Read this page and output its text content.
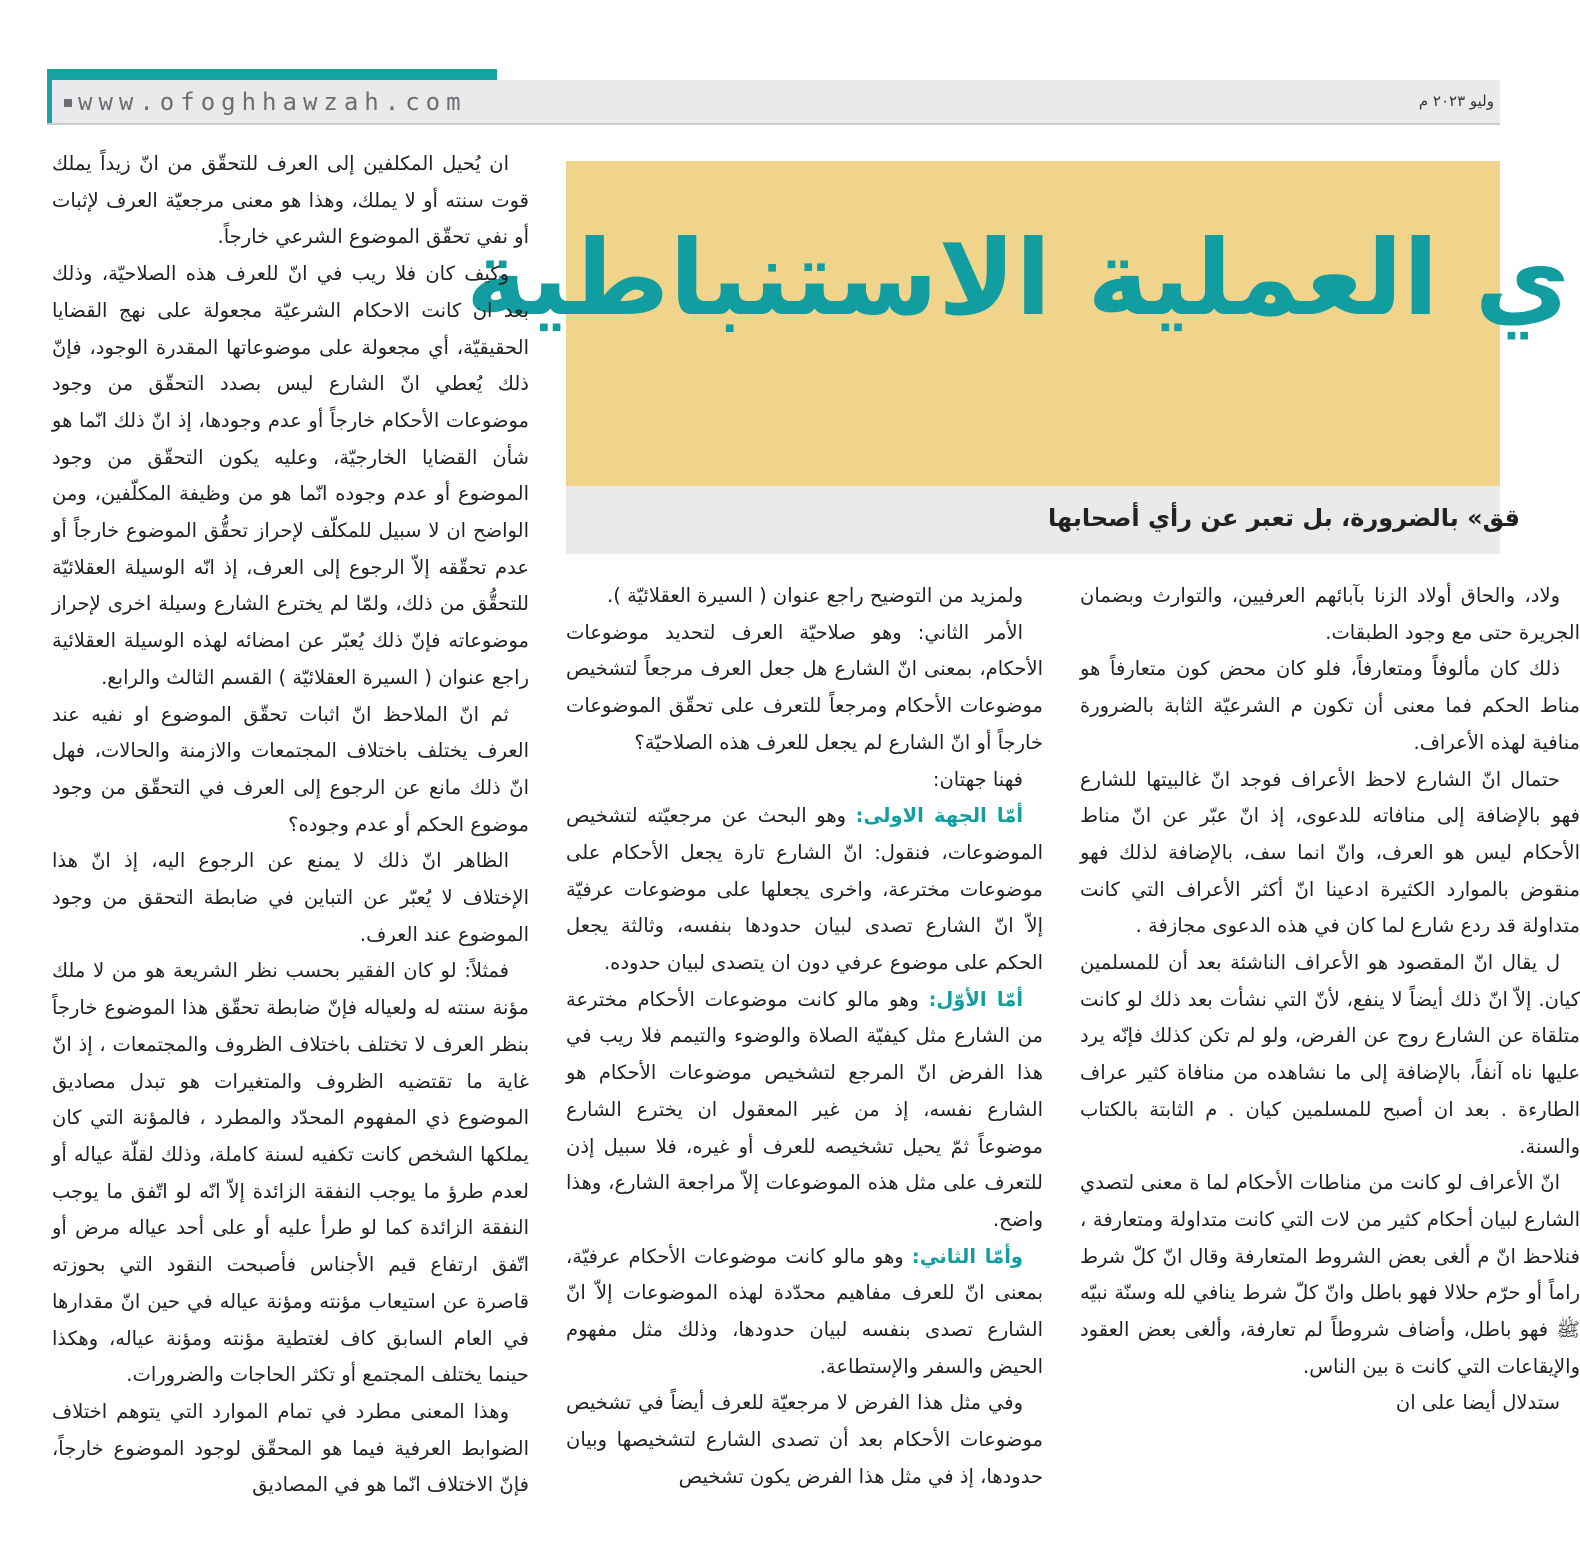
www.ofoghhawzah.com	وليو ٢٠٢٣ م
ي العملية الاستنباطية
قق» بالضرورة، بل تعبر عن رأي أصحابها

ان يُحيل المكلفين إلى العرف للتحقّق من انّ زيداً يملك قوت سنته أو لا يملك، وهذا هو معنى مرجعيّة العرف لإثبات أو نفي تحقّق الموضوع الشرعي خارجاً.

وكيف كان فلا ريب في انّ للعرف هذه الصلاحيّة، وذلك بعد ان كانت الاحكام الشرعيّة مجعولة على نهج القضايا الحقيقيّة، أي مجعولة على موضوعاتها المقدرة الوجود، فإنّ ذلك يُعطي انّ الشارع ليس بصدد التحقّق من وجود موضوعات الأحكام خارجاً أو عدم وجودها، إذ انّ ذلك انّما هو شأن القضايا الخارجيّة، وعليه يكون التحقّق من وجود الموضوع أو عدم وجوده انّما هو من وظيفة المكلّفين، ومن الواضح ان لا سبيل للمكلّف لإحراز تحقُّق الموضوع خارجاً أو عدم تحقّقه إلاّ الرجوع إلى العرف، إذ انّه الوسيلة العقلائيّة للتحقُّق من ذلك، ولمّا لم يخترع الشارع وسيلة اخرى لإحراز موضوعاته فإنّ ذلك يُعبّر عن امضائه لهذه الوسيلة العقلائية راجع عنوان ( السيرة العقلائيّة ) القسم الثالث والرابع.

ثم انّ الملاحظ انّ اثبات تحقّق الموضوع او نفيه عند العرف يختلف باختلاف المجتمعات والازمنة والحالات، فهل انّ ذلك مانع عن الرجوع إلى العرف في التحقّق من وجود موضوع الحكم أو عدم وجوده؟

الظاهر انّ ذلك لا يمنع عن الرجوع اليه، إذ انّ هذا الإختلاف لا يُعبّر عن التباين في ضابطة التحقق من وجود الموضوع عند العرف.

فمثلاً: لو كان الفقير بحسب نظر الشريعة هو من لا ملك مؤنة سنته له ولعياله فإنّ ضابطة تحقّق هذا الموضوع خارجاً بنظر العرف لا تختلف باختلاف الظروف والمجتمعات ، إذ انّ غاية ما تقتضيه الظروف والمتغيرات هو تبدل مصاديق الموضوع ذي المفهوم المحدّد والمطرد ، فالمؤنة التي كان يملكها الشخص كانت تكفيه لسنة كاملة، وذلك لقلّة عياله أو لعدم طرؤ ما يوجب النفقة الزائدة إلاّ انّه لو اتّفق ما يوجب النفقة الزائدة كما لو طرأ عليه أو على أحد عياله مرض أو اتّفق ارتفاع قيم الأجناس فأصبحت النقود التي بحوزته قاصرة عن استيعاب مؤنته ومؤنة عياله في حين انّ مقدارها في العام السابق كاف لغتطية مؤنته ومؤنة عياله، وهكذا حينما يختلف المجتمع أو تكثر الحاجات والضرورات.

وهذا المعنى مطرد في تمام الموارد التي يتوهم اختلاف الضوابط العرفية فيما هو المحقّق لوجود الموضوع خارجاً، فإنّ الاختلاف انّما هو في المصاديق

ولمزيد من التوضيح راجع عنوان ( السيرة العقلائيّة ).

الأمر الثاني: وهو صلاحيّة العرف لتحديد موضوعات الأحكام، بمعنى انّ الشارع هل جعل العرف مرجعاً لتشخيص موضوعات الأحكام ومرجعاً للتعرف على تحقّق الموضوعات خارجاً أو انّ الشارع لم يجعل للعرف هذه الصلاحيّة؟

فهنا جهتان:

أمّا الجهة الاولى: وهو البحث عن مرجعيّته لتشخيص الموضوعات، فنقول: انّ الشارع تارة يجعل الأحكام على موضوعات مخترعة، واخرى يجعلها على موضوعات عرفيّة إلاّ انّ الشارع تصدى لبيان حدودها بنفسه، وثالثة يجعل الحكم على موضوع عرفي دون ان يتصدى لبيان حدوده.

أمّا الأوّل: وهو مالو كانت موضوعات الأحكام مخترعة من الشارع مثل كيفيّة الصلاة والوضوء والتيمم فلا ريب في هذا الفرض انّ المرجع لتشخيص موضوعات الأحكام هو الشارع نفسه، إذ من غير المعقول ان يخترع الشارع موضوعاً ثمّ يحيل تشخيصه للعرف أو غيره، فلا سبيل إذن للتعرف على مثل هذه الموضوعات إلاّ مراجعة الشارع، وهذا واضح.

وأمّا الثاني: وهو مالو كانت موضوعات الأحكام عرفيّة، بمعنى انّ للعرف مفاهيم محدّدة لهذه الموضوعات إلاّ انّ الشارع تصدى بنفسه لبيان حدودها، وذلك مثل مفهوم الحيض والسفر والإستطاعة.

وفي مثل هذا الفرض لا مرجعيّة للعرف أيضاً في تشخيص موضوعات الأحكام بعد أن تصدى الشارع لتشخيصها وبيان حدودها، إذ في مثل هذا الفرض يكون تشخيص

ولاد، والحاق أولاد الزنا بآبائهم العرفيين، والتوارث وبضمان الجريرة حتى مع وجود الطبقات.

ذلك كان مألوفاً ومتعارفاً، فلو كان محض كون متعارفاً هو مناط الحكم فما معنى أن تكون م الشرعيّة الثابة بالضرورة منافية لهذه الأعراف.

حتمال انّ الشارع لاحظ الأعراف فوجد انّ غالبيتها للشارع فهو بالإضافة إلى منافاته للدعوى، إذ انّ عبّر عن انّ مناط الأحكام ليس هو العرف، وانّ انما سف، بالإضافة لذلك فهو منقوض بالموارد الكثيرة ادعينا انّ أكثر الأعراف التي كانت متداولة قد ردع شارع لما كان في هذه الدعوى مجازفة .

ل يقال انّ المقصود هو الأعراف الناشئة بعد أن للمسلمين كيان. إلاّ انّ ذلك أيضاً لا ينفع، لأنّ التي نشأت بعد ذلك لو كانت متلقاة عن الشارع روج عن الفرض، ولو لم تكن كذلك فإنّه يرد عليها ناه آنفاً، بالإضافة إلى ما نشاهده من منافاة كثير عراف الطارءة . بعد ان أصبح للمسلمين كيان . م الثابتة بالكتاب والسنة.

انّ الأعراف لو كانت من مناطات الأحكام لما ة معنى لتصدي الشارع لبيان أحكام كثير من لات التي كانت متداولة ومتعارفة ، فنلاحظ انّ م ألغى بعض الشروط المتعارفة وقال انّ كلّ شرط راماً أو حرّم حلالا فهو باطل وانّ كلّ شرط ينافي لله وسنّة نبيّه ﷺ فهو باطل، وأضاف شروطاً لم تعارفة، وألغى بعض العقود والإيقاعات التي كانت ة بين الناس.

ستدلال أيضا على ان
